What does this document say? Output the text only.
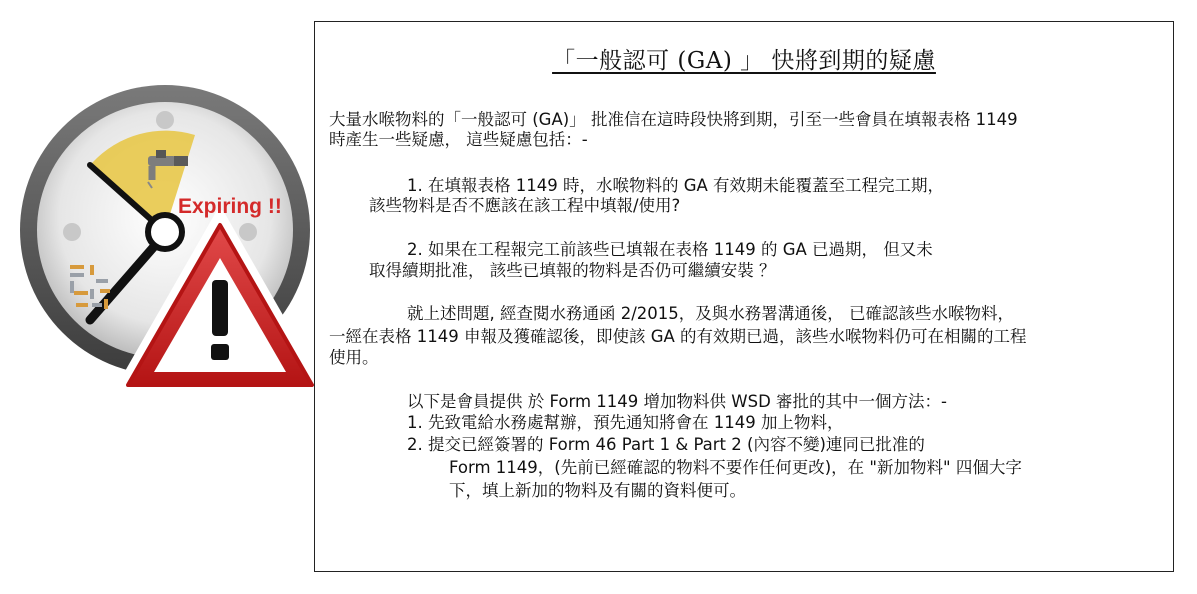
Expiring !!
「一般認可 (GA) 」 快將到期的疑慮
大量水喉物料的「一般認可 (GA)」 批准信在這時段快將到期，引至一些會員在填報表格 1149
時產生一些疑慮， 這些疑慮包括：-
1. 在填報表格 1149 時，水喉物料的 GA 有效期未能覆蓋至工程完工期，
該些物料是否不應該在該工程中填報/使用?
2. 如果在工程報完工前該些已填報在表格 1149 的 GA 已過期， 但又未
取得續期批准， 該些已填報的物料是否仍可繼續安裝 ？
就上述問題, 經查閱水務通函 2/2015，及與水務署溝通後， 已確認該些水喉物料，
一經在表格 1149 申報及獲確認後，即使該 GA 的有效期已過，該些水喉物料仍可在相關的工程
使用。
以下是會員提供 於 Form 1149 增加物料供 WSD 審批的其中一個方法：-
1. 先致電給水務處幫辦，預先通知將會在 1149 加上物料，
2. 提交已經簽署的 Form 46 Part 1 & Part 2 (內容不變)連同已批准的
Form 1149，(先前已經確認的物料不要作任何更改)，在 "新加物料" 四個大字
下，填上新加的物料及有關的資料便可。
